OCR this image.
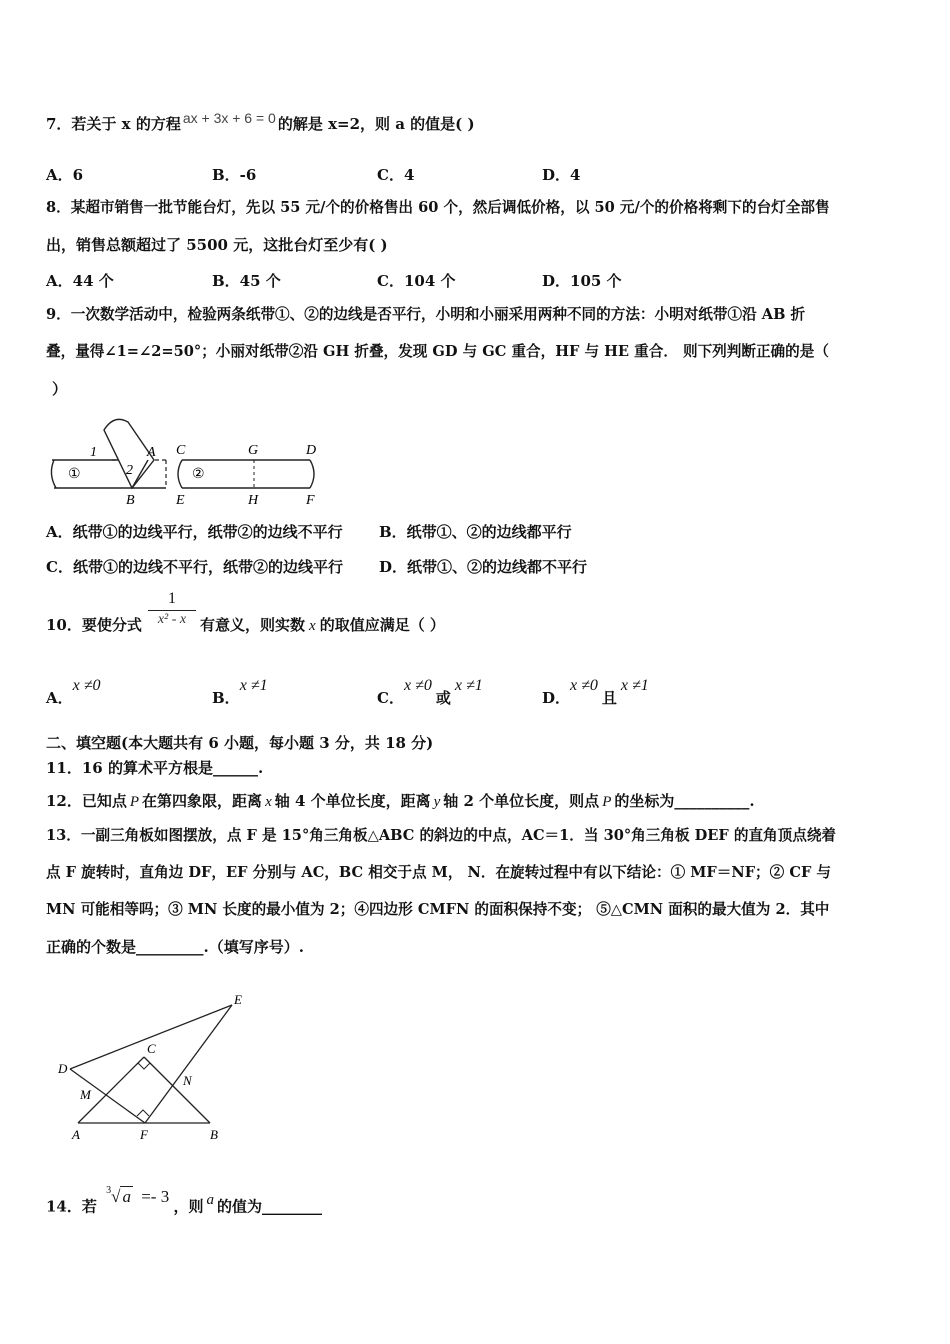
7．若关于 x 的方程 ax + 3x + 6 = 0 的解是 x=2，则 a 的值是( )
A．6	B．-6	C．4	D．4
8．某超市销售一批节能台灯，先以 55 元/个的价格售出 60 个，然后调低价格，以 50 元/个的价格将剩下的台灯全部售
出，销售总额超过了 5500 元，这批台灯至少有( )
A．44 个	B．45 个	C．104 个	D．105 个
9．一次数学活动中，检验两条纸带①、②的边线是否平行，小明和小丽采用两种不同的方法：小明对纸带①沿 AB 折
叠，量得∠1=∠2=50°；小丽对纸带②沿 GH 折叠，发现 GD 与 GC 重合，HF 与 HE 重合． 则下列判断正确的是（
）
1
2
A
B
①
C	G	D
②
E	H	F
A．纸带①的边线平行，纸带②的边线不平行 B．纸带①、②的边线都平行
C．纸带①的边线不平行，纸带②的边线平行 D．纸带①、②的边线都不平行
10．要使分式
1
x² - x 有意义，则实数 x 的取值应满足（ ）
A．x ≠0
B．x ≠1
C．x ≠0或x ≠1
D．x ≠0且x ≠1
二、填空题(本大题共有 6 小题，每小题 3 分，共 18 分)
11．16 的算术平方根是______.
12．已知点 P 在第四象限，距离 x 轴 4 个单位长度，距离 y 轴 2 个单位长度，则点 P 的坐标为__________.
13．一副三角板如图摆放，点 F 是 15°角三角板△ABC 的斜边的中点，AC＝1．当 30°角三角板 DEF 的直角顶点绕着
点 F 旋转时，直角边 DF，EF 分别与 AC，BC 相交于点 M， N．在旋转过程中有以下结论：① MF＝NF；② CF 与
MN 可能相等吗；③ MN 长度的最小值为 2；④四边形 CMFN 的面积保持不变； ⑤△CMN 面积的最大值为 2．其中
正确的个数是_________.（填写序号）.
E
C
D
N
M
A	F	B
14．若 $^3$√ a =- 3 ，则 a 的值为________
